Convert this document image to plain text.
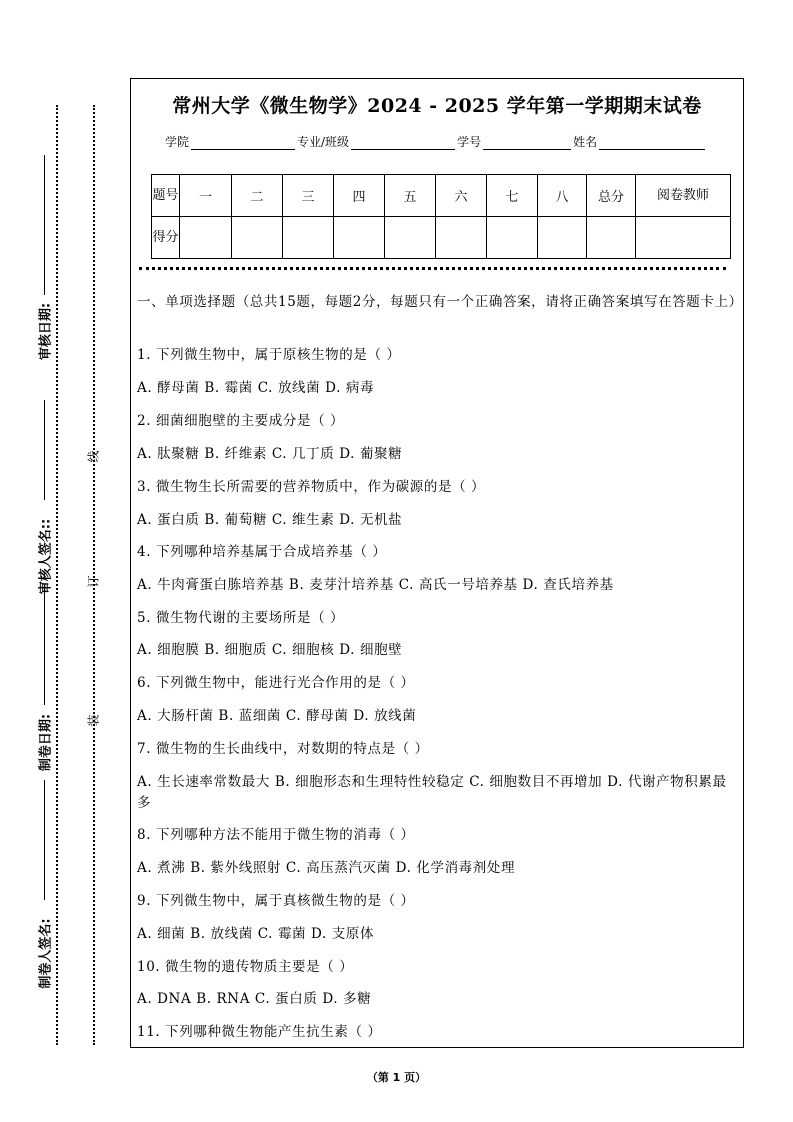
线
订
装
审核日期:
审核人签名::
制卷日期:
制卷人签名:
常州大学《微生物学》2024 - 2025 学年第一学期期末试卷
学院	专业/班级	学号	姓名
题号	一	二	三	四	五	六	七	八	总分	阅卷教师
得分										
一、单项选择题（总共15题，每题2分，每题只有一个正确答案，请将正确答案填写在答题卡上）
1. 下列微生物中，属于原核生物的是（ ）
A. 酵母菌 B. 霉菌 C. 放线菌 D. 病毒
2. 细菌细胞壁的主要成分是（ ）
A. 肽聚糖 B. 纤维素 C. 几丁质 D. 葡聚糖
3. 微生物生长所需要的营养物质中，作为碳源的是（ ）
A. 蛋白质 B. 葡萄糖 C. 维生素 D. 无机盐
4. 下列哪种培养基属于合成培养基（ ）
A. 牛肉膏蛋白胨培养基 B. 麦芽汁培养基 C. 高氏一号培养基 D. 查氏培养基
5. 微生物代谢的主要场所是（ ）
A. 细胞膜 B. 细胞质 C. 细胞核 D. 细胞壁
6. 下列微生物中，能进行光合作用的是（ ）
A. 大肠杆菌 B. 蓝细菌 C. 酵母菌 D. 放线菌
7. 微生物的生长曲线中，对数期的特点是（ ）
A. 生长速率常数最大 B. 细胞形态和生理特性较稳定 C. 细胞数目不再增加 D. 代谢产物积累最多
8. 下列哪种方法不能用于微生物的消毒（ ）
A. 煮沸 B. 紫外线照射 C. 高压蒸汽灭菌 D. 化学消毒剂处理
9. 下列微生物中，属于真核微生物的是（ ）
A. 细菌 B. 放线菌 C. 霉菌 D. 支原体
10. 微生物的遗传物质主要是（ ）
A. DNA B. RNA C. 蛋白质 D. 多糖
11. 下列哪种微生物能产生抗生素（ ）
（第 1 页）
